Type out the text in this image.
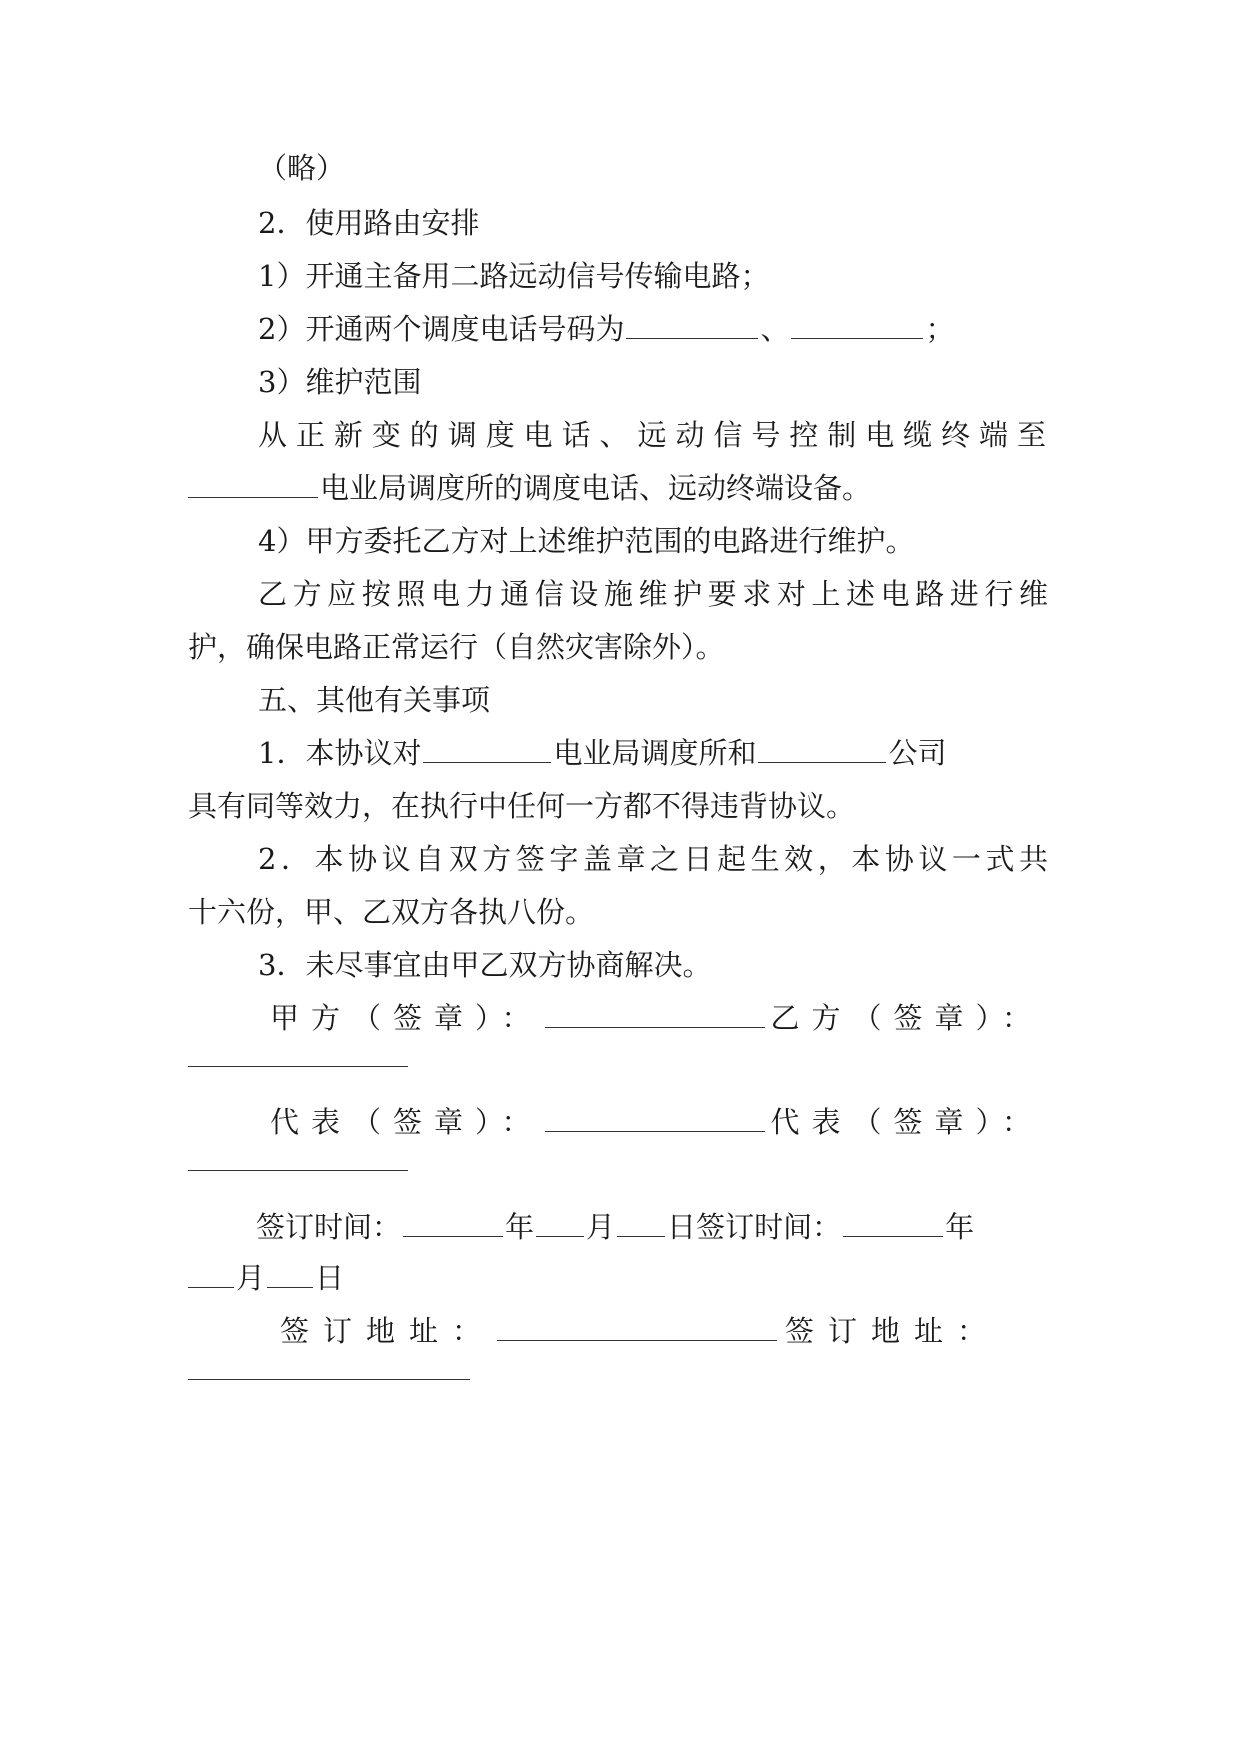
（略）
2．使用路由安排
1）开通主备用二路远动信号传输电路；
2）开通两个调度电话号码为	、	；
3）维护范围
从正新变的调度电话、远动信号控制电缆终端至
电业局调度所的调度电话、远动终端设备。
4）甲方委托乙方对上述维护范围的电路进行维护。
乙方应按照电力通信设施维护要求对上述电路进行维
护，确保电路正常运行（自然灾害除外）。
五、其他有关事项
1．本协议对	电业局调度所和	公司
具有同等效力，在执行中任何一方都不得违背协议。
2．本协议自双方签字盖章之日起生效，本协议一式共
十六份，甲、乙双方各执八份。
3．未尽事宜由甲乙双方协商解决。
甲方（签章）：	乙方（签章）：
代表（签章）：	代表（签章）：
签订时间：	年 月 日签订时间：	年
月 日
签订地址：	签订地址：
